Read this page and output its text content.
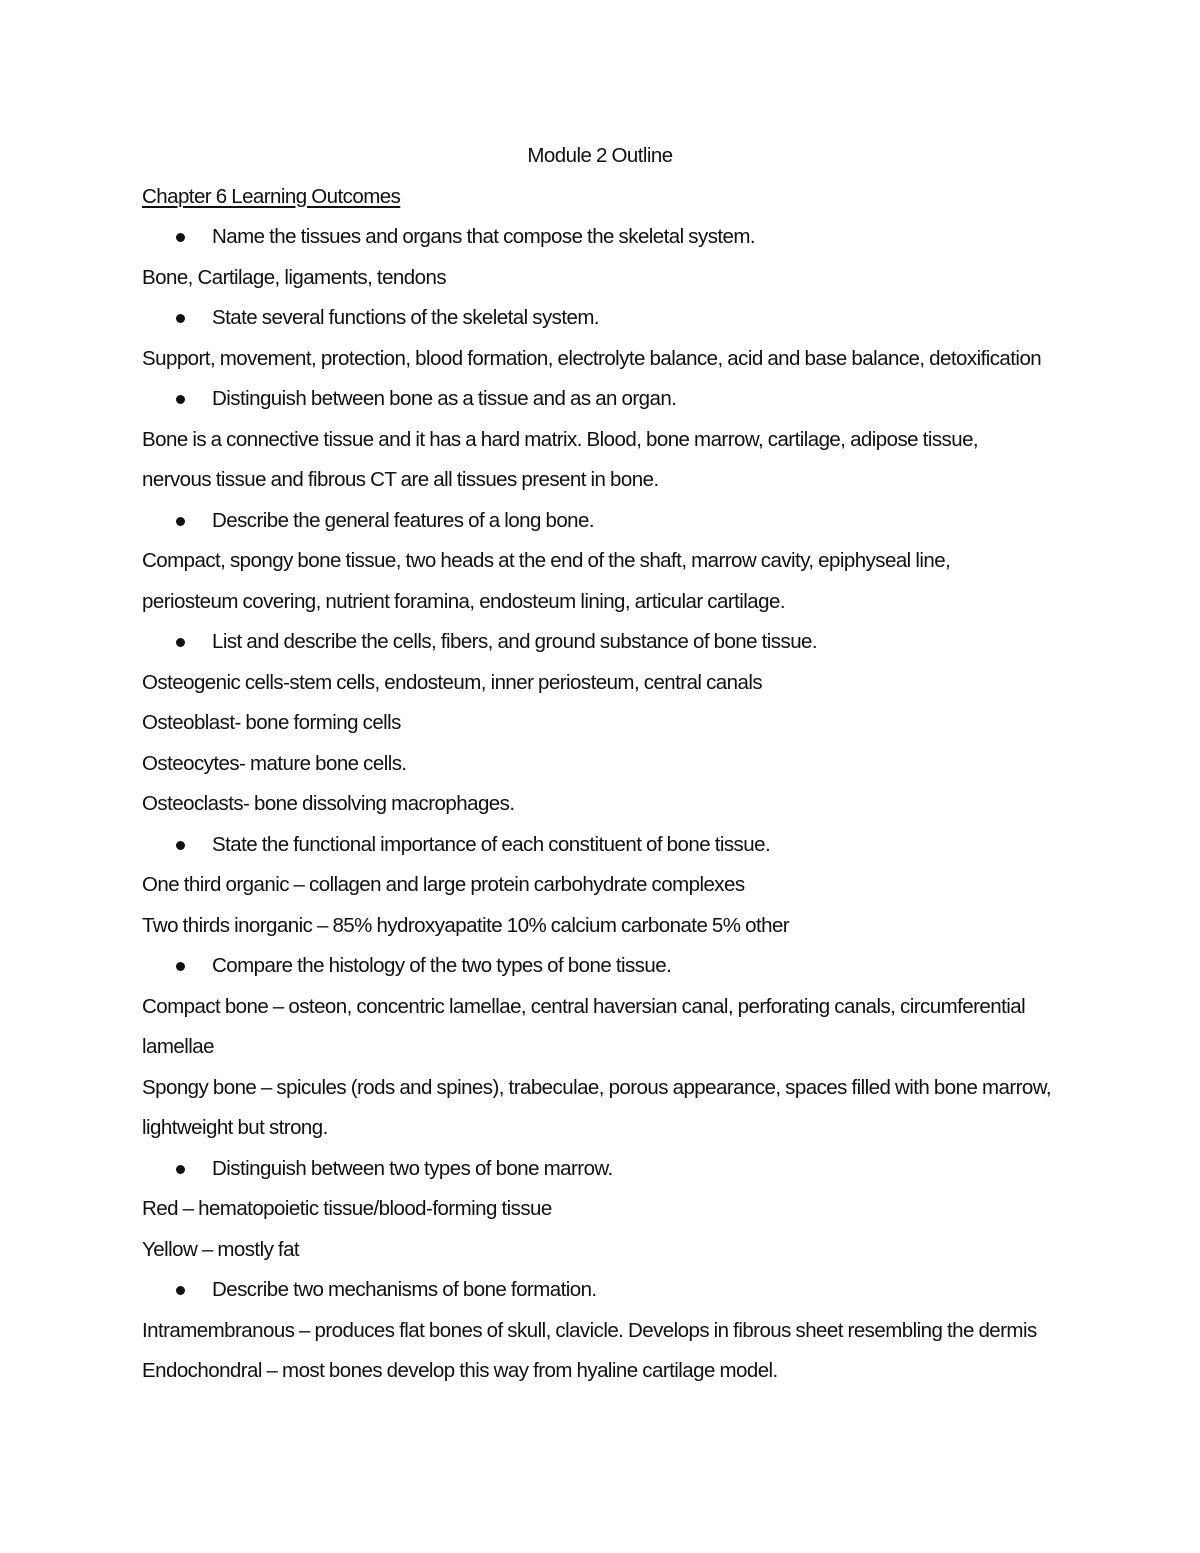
Module 2 Outline
Chapter 6 Learning Outcomes
Name the tissues and organs that compose the skeletal system.
Bone, Cartilage, ligaments, tendons
State several functions of the skeletal system.
Support, movement, protection, blood formation, electrolyte balance, acid and base balance, detoxification
Distinguish between bone as a tissue and as an organ.
Bone is a connective tissue and it has a hard matrix. Blood, bone marrow, cartilage, adipose tissue,
nervous tissue and fibrous CT are all tissues present in bone.
Describe the general features of a long bone.
Compact, spongy bone tissue, two heads at the end of the shaft, marrow cavity, epiphyseal line,
periosteum covering, nutrient foramina, endosteum lining, articular cartilage.
List and describe the cells, fibers, and ground substance of bone tissue.
Osteogenic cells-stem cells, endosteum, inner periosteum, central canals
Osteoblast- bone forming cells
Osteocytes- mature bone cells.
Osteoclasts- bone dissolving macrophages.
State the functional importance of each constituent of bone tissue.
One third organic – collagen and large protein carbohydrate complexes
Two thirds inorganic – 85% hydroxyapatite 10% calcium carbonate 5% other
Compare the histology of the two types of bone tissue.
Compact bone – osteon, concentric lamellae, central haversian canal, perforating canals, circumferential
lamellae
Spongy bone – spicules (rods and spines), trabeculae, porous appearance, spaces filled with bone marrow,
lightweight but strong.
Distinguish between two types of bone marrow.
Red – hematopoietic tissue/blood-forming tissue
Yellow – mostly fat
Describe two mechanisms of bone formation.
Intramembranous – produces flat bones of skull, clavicle. Develops in fibrous sheet resembling the dermis
Endochondral – most bones develop this way from hyaline cartilage model.
